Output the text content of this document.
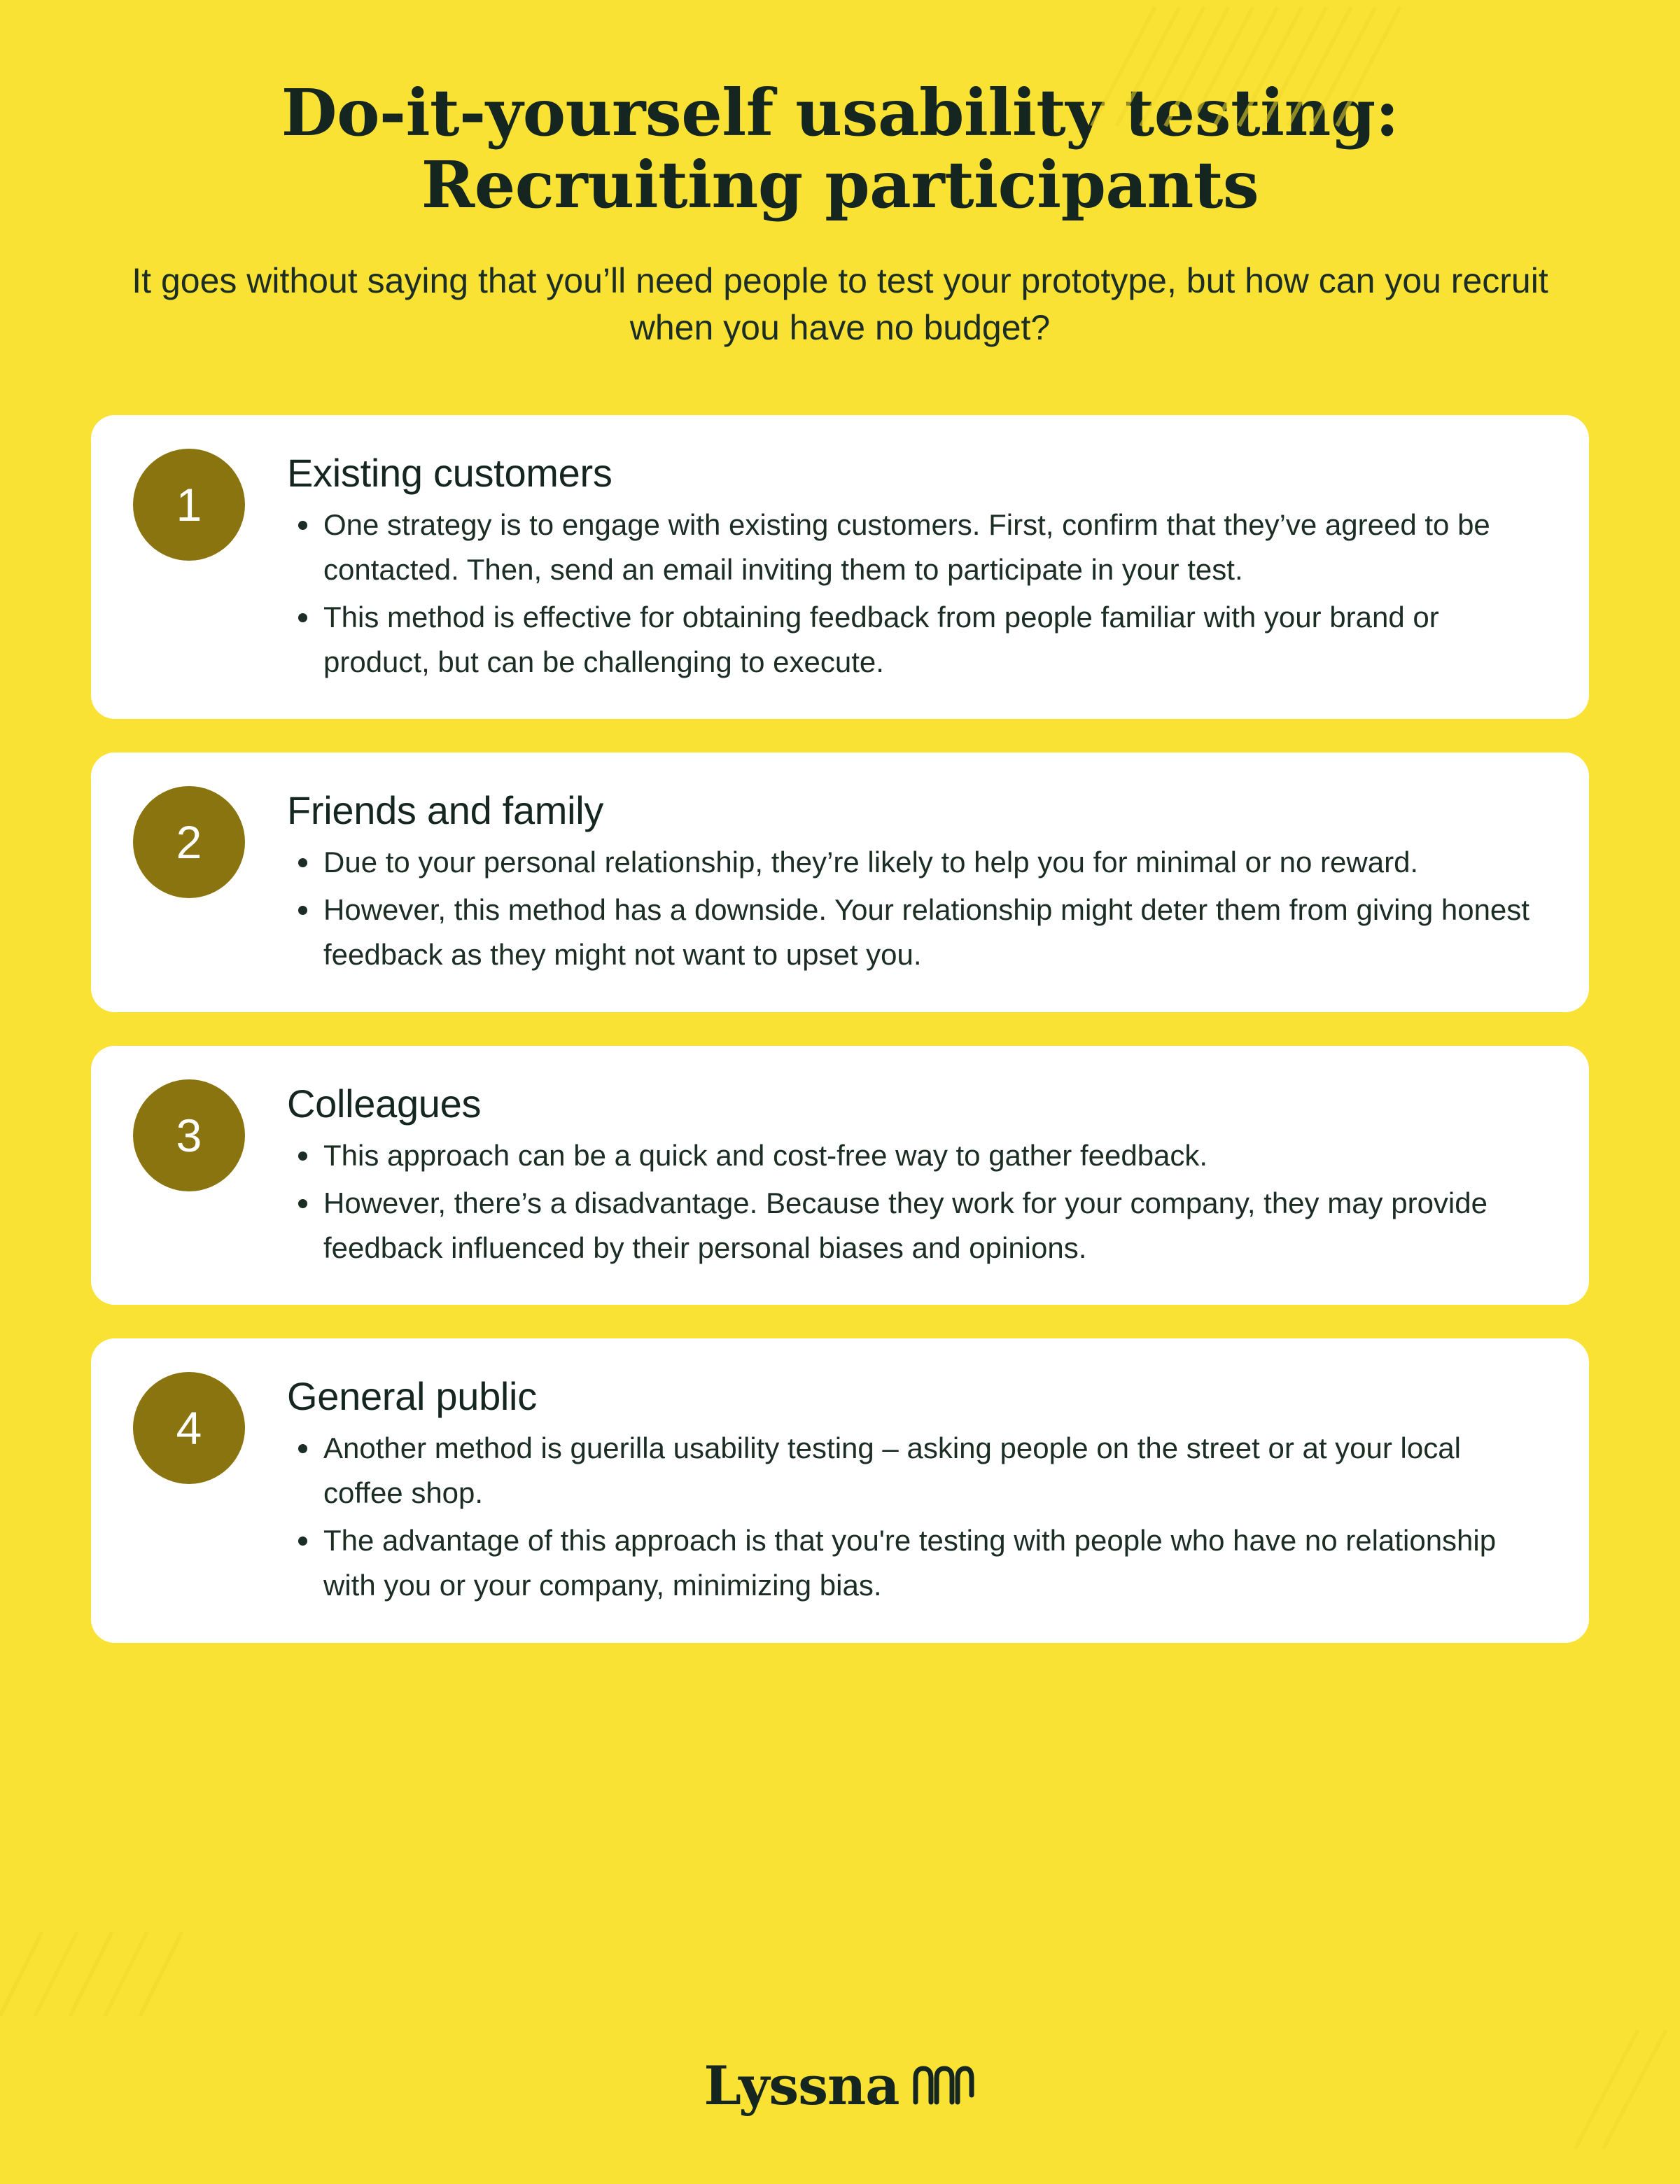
Do-it-yourself usability testing:
Recruiting participants

It goes without saying that you’ll need people to test your prototype, but how can you recruit when you have no budget?

1
Existing customers
One strategy is to engage with existing customers. First, confirm that they’ve agreed to be contacted. Then, send an email inviting them to participate in your test.
This method is effective for obtaining feedback from people familiar with your brand or product, but can be challenging to execute.
2
Friends and family
Due to your personal relationship, they’re likely to help you for minimal or no reward.
However, this method has a downside. Your relationship might deter them from giving honest feedback as they might not want to upset you.
3
Colleagues
This approach can be a quick and cost-free way to gather feedback.
However, there’s a disadvantage. Because they work for your company, they may provide feedback influenced by their personal biases and opinions.
4
General public
Another method is guerilla usability testing – asking people on the street or at your local coffee shop.
The advantage of this approach is that you're testing with people who have no relationship with you or your company, minimizing bias.
Lyssna
